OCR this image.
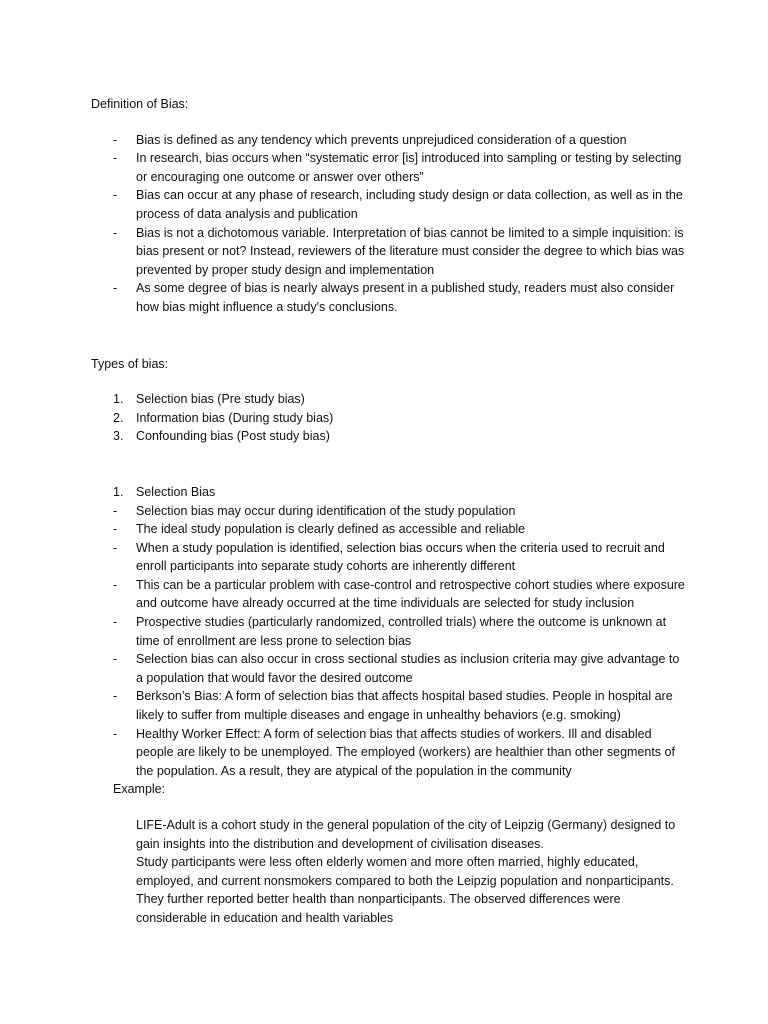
Definition of Bias:

- Bias is defined as any tendency which prevents unprejudiced consideration of a question
- In research, bias occurs when “systematic error [is] introduced into sampling or testing by selecting or encouraging one outcome or answer over others”
- Bias can occur at any phase of research, including study design or data collection, as well as in the process of data analysis and publication
- Bias is not a dichotomous variable. Interpretation of bias cannot be limited to a simple inquisition: is bias present or not? Instead, reviewers of the literature must consider the degree to which bias was prevented by proper study design and implementation
- As some degree of bias is nearly always present in a published study, readers must also consider how bias might influence a study's conclusions.

Types of bias:

1. Selection bias (Pre study bias)
2. Information bias (During study bias)
3. Confounding bias (Post study bias)
1. Selection Bias
- Selection bias may occur during identification of the study population
- The ideal study population is clearly defined as accessible and reliable
- When a study population is identified, selection bias occurs when the criteria used to recruit and enroll participants into separate study cohorts are inherently different
- This can be a particular problem with case-control and retrospective cohort studies where exposure and outcome have already occurred at the time individuals are selected for study inclusion
- Prospective studies (particularly randomized, controlled trials) where the outcome is unknown at time of enrollment are less prone to selection bias
- Selection bias can also occur in cross sectional studies as inclusion criteria may give advantage to a population that would favor the desired outcome
- Berkson’s Bias: A form of selection bias that affects hospital based studies. People in hospital are likely to suffer from multiple diseases and engage in unhealthy behaviors (e.g. smoking)
- Healthy Worker Effect: A form of selection bias that affects studies of workers. Ill and disabled people are likely to be unemployed. The employed (workers) are healthier than other segments of the population. As a result, they are atypical of the population in the community
Example:

LIFE-Adult is a cohort study in the general population of the city of Leipzig (Germany) designed to gain insights into the distribution and development of civilisation diseases.

Study participants were less often elderly women and more often married, highly educated, employed, and current nonsmokers compared to both the Leipzig population and nonparticipants. They further reported better health than nonparticipants. The observed differences were considerable in education and health variables
